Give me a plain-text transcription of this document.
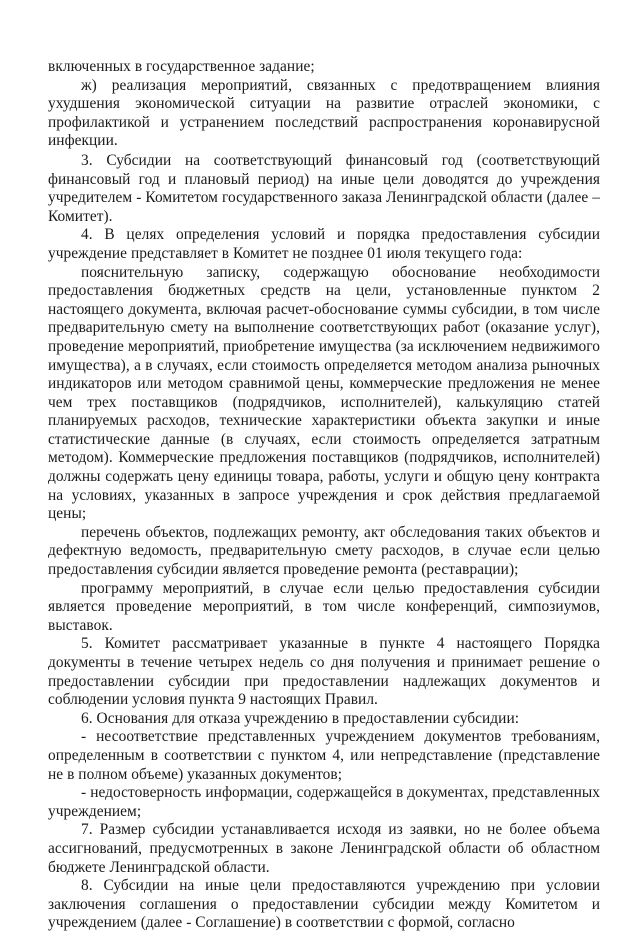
включенных в государственное задание;

ж) реализация мероприятий, связанных с предотвращением влияния ухудшения экономической ситуации на развитие отраслей экономики, с профилактикой и устранением последствий распространения коронавирусной инфекции.

3. Субсидии на соответствующий финансовый год (соответствующий финансовый год и плановый период) на иные цели доводятся до учреждения учредителем - Комитетом государственного заказа Ленинградской области (далее – Комитет).

4. В целях определения условий и порядка предоставления субсидии учреждение представляет в Комитет не позднее 01 июля текущего года:

пояснительную записку, содержащую обоснование необходимости предоставления бюджетных средств на цели, установленные пунктом 2 настоящего документа, включая расчет-обоснование суммы субсидии, в том числе предварительную смету на выполнение соответствующих работ (оказание услуг), проведение мероприятий, приобретение имущества (за исключением недвижимого имущества), а в случаях, если стоимость определяется методом анализа рыночных индикаторов или методом сравнимой цены, коммерческие предложения не менее чем трех поставщиков (подрядчиков, исполнителей), калькуляцию статей планируемых расходов, технические характеристики объекта закупки и иные статистические данные (в случаях, если стоимость определяется затратным методом). Коммерческие предложения поставщиков (подрядчиков, исполнителей) должны содержать цену единицы товара, работы, услуги и общую цену контракта на условиях, указанных в запросе учреждения и срок действия предлагаемой цены;

перечень объектов, подлежащих ремонту, акт обследования таких объектов и дефектную ведомость, предварительную смету расходов, в случае если целью предоставления субсидии является проведение ремонта (реставрации);

программу мероприятий, в случае если целью предоставления субсидии является проведение мероприятий, в том числе конференций, симпозиумов, выставок.

5. Комитет рассматривает указанные в пункте 4 настоящего Порядка документы в течение четырех недель со дня получения и принимает решение о предоставлении субсидии при предоставлении надлежащих документов и соблюдении условия пункта 9 настоящих Правил.

6. Основания для отказа учреждению в предоставлении субсидии:

- несоответствие представленных учреждением документов требованиям, определенным в соответствии с пунктом 4, или непредставление (представление не в полном объеме) указанных документов;

- недостоверность информации, содержащейся в документах, представленных учреждением;

7. Размер субсидии устанавливается исходя из заявки, но не более объема ассигнований, предусмотренных в законе Ленинградской области об областном бюджете Ленинградской области.

8. Субсидии на иные цели предоставляются учреждению при условии заключения соглашения о предоставлении субсидии между Комитетом и учреждением (далее - Соглашение) в соответствии с формой, согласно
